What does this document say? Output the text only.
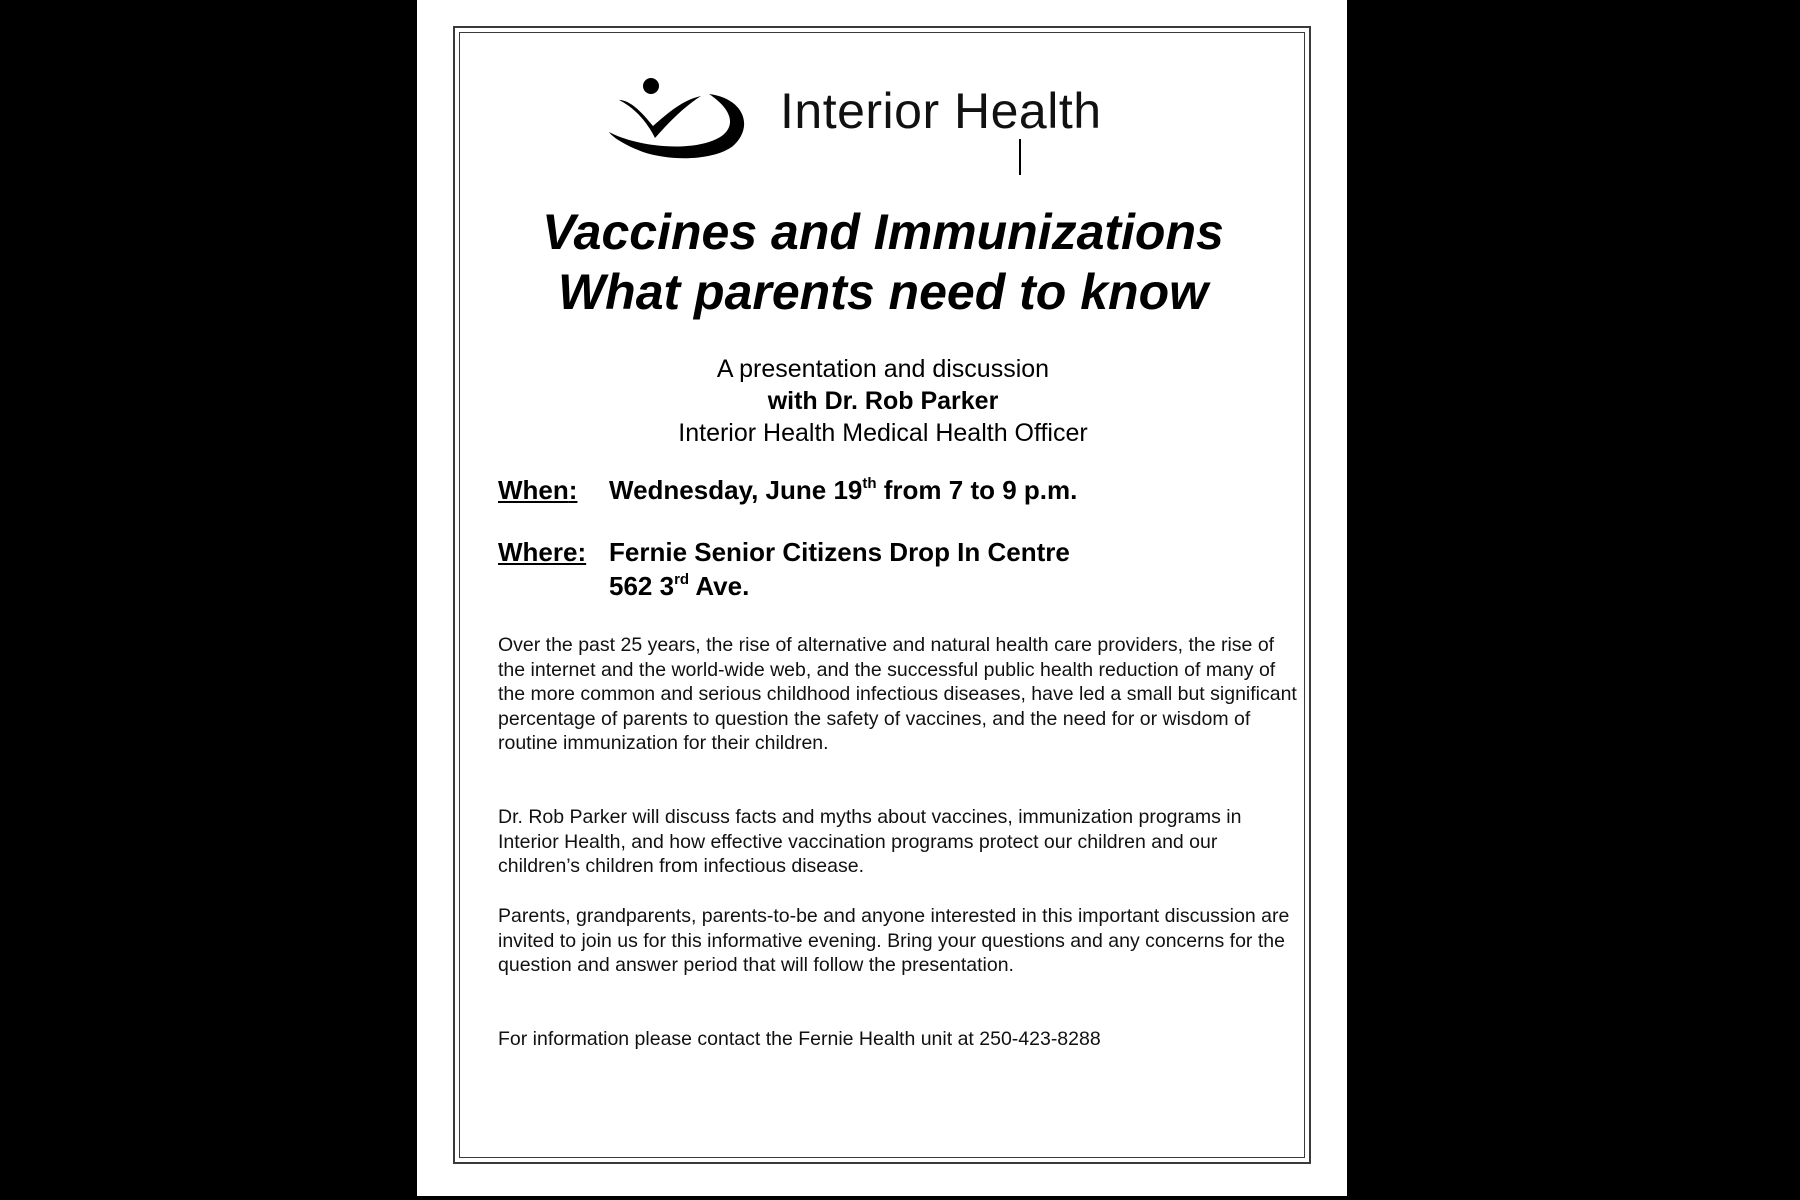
Interior Health
Vaccines and Immunizations
What parents need to know
A presentation and discussion
with Dr. Rob Parker
Interior Health Medical Health Officer
When: Wednesday, June 19th from 7 to 9 p.m.
Where: Fernie Senior Citizens Drop In Centre
562 3rd Ave.
Over the past 25 years, the rise of alternative and natural health care providers, the rise of the internet and the world-wide web, and the successful public health reduction of many of the more common and serious childhood infectious diseases, have led a small but significant percentage of parents to question the safety of vaccines, and the need for or wisdom of routine immunization for their children.
Dr. Rob Parker will discuss facts and myths about vaccines, immunization programs in Interior Health, and how effective vaccination programs protect our children and our children’s children from infectious disease.
Parents, grandparents, parents-to-be and anyone interested in this important discussion are invited to join us for this informative evening. Bring your questions and any concerns for the question and answer period that will follow the presentation.
For information please contact the Fernie Health unit at 250-423-8288
